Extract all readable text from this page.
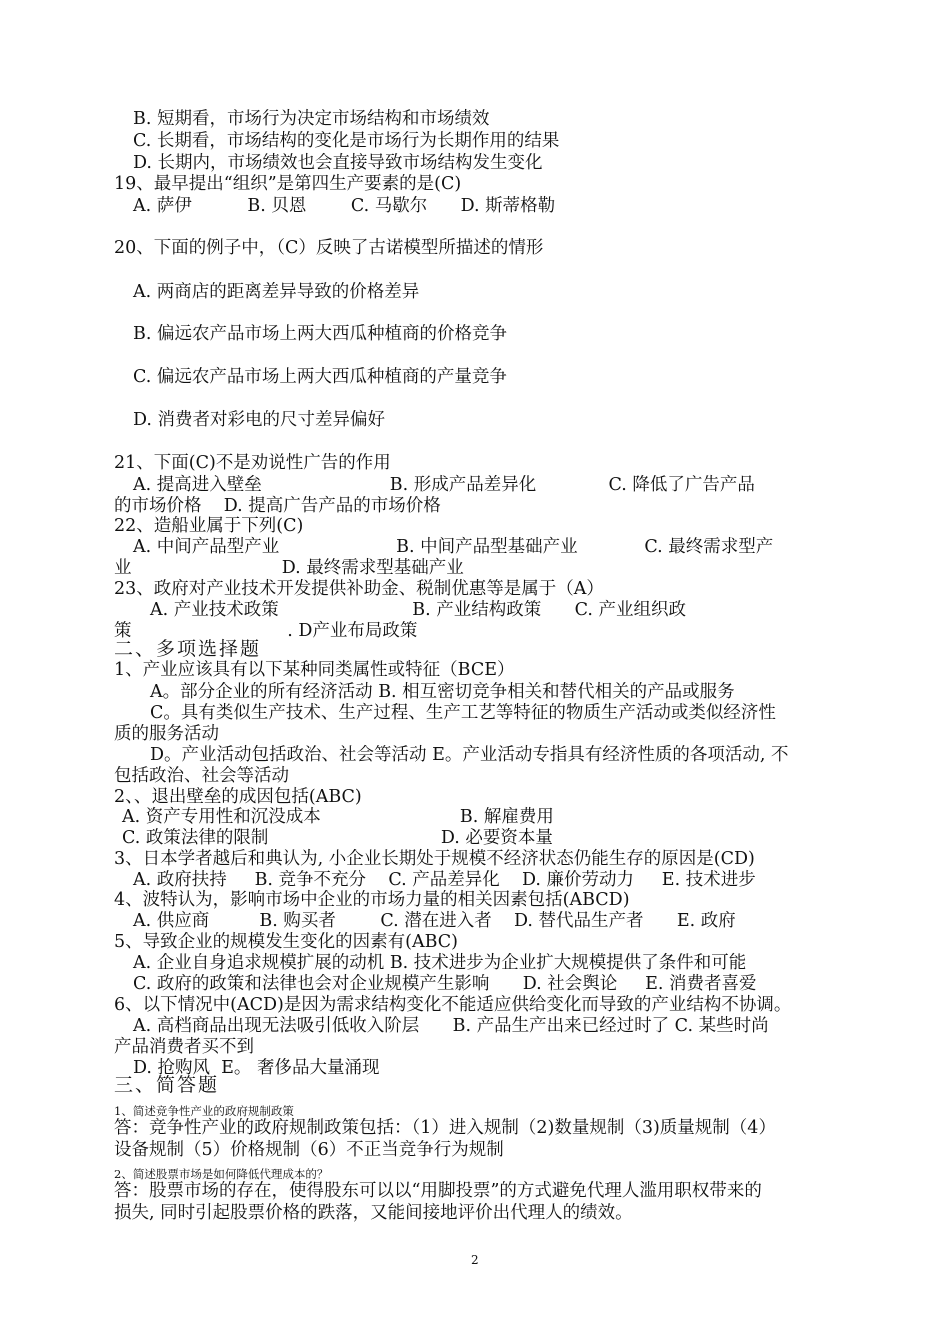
B. 短期看，市场行为决定市场结构和市场绩效
C. 长期看，市场结构的变化是市场行为长期作用的结果
D. 长期内，市场绩效也会直接导致市场结构发生变化
19、最早提出“组织”是第四生产要素的是(C)
A. 萨伊          B. 贝恩        C. 马歇尔      D. 斯蒂格勒
20、下面的例子中，（C）反映了古诺模型所描述的情形
A. 两商店的距离差异导致的价格差异
B. 偏远农产品市场上两大西瓜种植商的价格竞争
C. 偏远农产品市场上两大西瓜种植商的产量竞争
D. 消费者对彩电的尺寸差异偏好
21、下面(C)不是劝说性广告的作用
A. 提高进入壁垒                       B. 形成产品差异化             C. 降低了广告产品
的市场价格    D. 提高广告产品的市场价格
22、造船业属于下列(C)
A. 中间产品型产业                     B. 中间产品型基础产业            C. 最终需求型产
业                           D. 最终需求型基础产业
23、政府对产业技术开发提供补助金、税制优惠等是属于（A）
A. 产业技术政策                        B. 产业结构政策      C. 产业组织政
策                            . D产业布局政策
二、多项选择题
1、产业应该具有以下某种同类属性或特征（BCE）
A。部分企业的所有经济活动 B. 相互密切竞争相关和替代相关的产品或服务
C。具有类似生产技术、生产过程、生产工艺等特征的物质生产活动或类似经济性
质的服务活动
D。产业活动包括政治、社会等活动 E。产业活动专指具有经济性质的各项活动, 不
包括政治、社会等活动
2、、退出壁垒的成因包括(ABC)
A. 资产专用性和沉没成本                         B. 解雇费用
C. 政策法律的限制                               D. 必要资本量
3、日本学者越后和典认为, 小企业长期处于规模不经济状态仍能生存的原因是(CD)
A. 政府扶持     B. 竞争不充分    C. 产品差异化    D. 廉价劳动力     E. 技术进步
4、波特认为，影响市场中企业的市场力量的相关因素包括(ABCD)
A. 供应商         B. 购买者        C. 潜在进入者    D. 替代品生产者      E. 政府
5、导致企业的规模发生变化的因素有(ABC)
A. 企业自身追求规模扩展的动机 B. 技术进步为企业扩大规模提供了条件和可能
C. 政府的政策和法律也会对企业规模产生影响      D. 社会舆论     E. 消费者喜爱
6、以下情况中(ACD)是因为需求结构变化不能适应供给变化而导致的产业结构不协调。
A. 高档商品出现无法吸引低收入阶层      B. 产品生产出来已经过时了 C. 某些时尚
产品消费者买不到
D. 抢购风  E。 奢侈品大量涌现
三、简答题
1、简述竞争性产业的政府规制政策
答：竞争性产业的政府规制政策包括：（1）进入规制（2)数量规制（3)质量规制（4）
设备规制（5）价格规制（6）不正当竞争行为规制
2、简述股票市场是如何降低代理成本的？
答：股票市场的存在，使得股东可以以“用脚投票”的方式避免代理人滥用职权带来的
损失, 同时引起股票价格的跌落，又能间接地评价出代理人的绩效。
2
